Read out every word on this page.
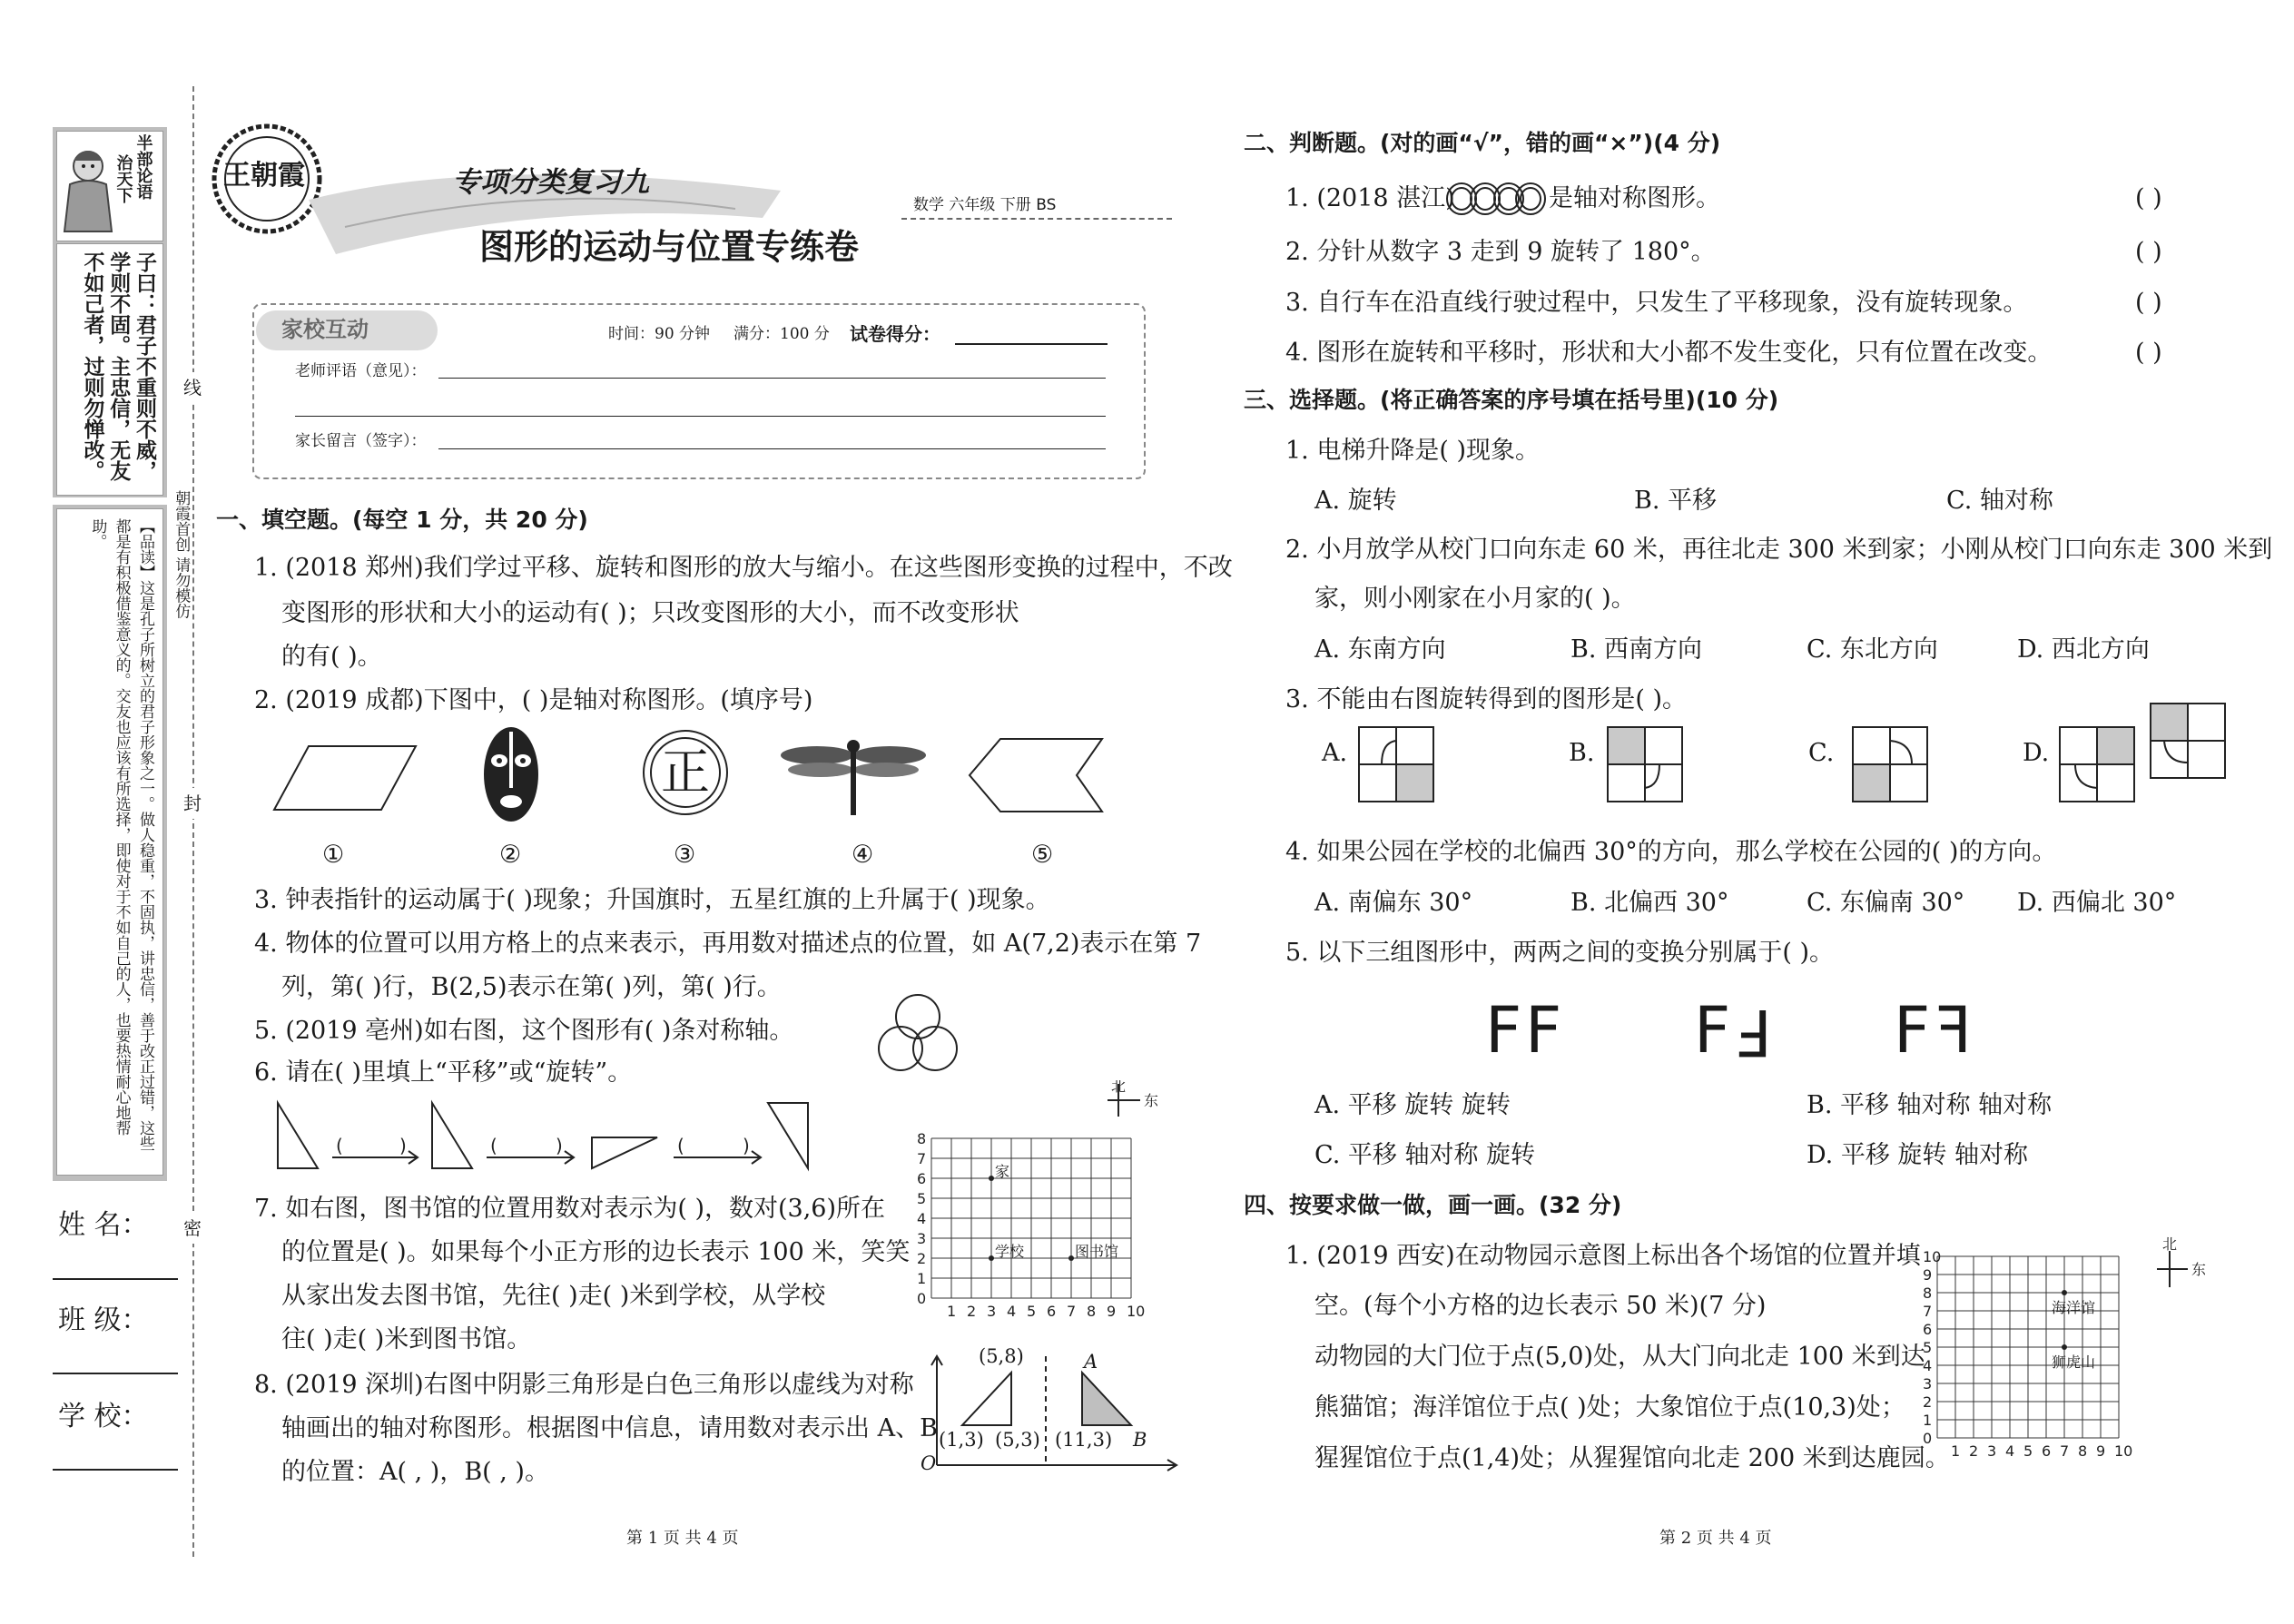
半部论语
治天下
子曰：君子不重则不威，学则不固。主忠信，无友不如己者，过则勿惮改。
【品读】这是孔子所树立的君子形象之一。做人稳重，不固执，讲忠信，善于改正过错，这些都是有积极借鉴意义的。交友也应该有所选择，即使对于不如自己的人，也要热情耐心地帮助。
姓 名：
班 级：
学 校：
线
封
密
朝霞首创 请勿模仿
王朝霞	专项分类复习九
图形的运动与位置专练卷
数学 六年级 下册 BS
家校互动	时间：90 分钟 满分：100 分 试卷得分：
老师评语（意见）：
家长留言（签字）：
一、填空题。(每空 1 分，共 20 分)
1. (2018 郑州)我们学过平移、旋转和图形的放大与缩小。在这些图形变换的过程中，不改
变图形的形状和大小的运动有( )；只改变图形的大小，而不改变形状
的有( )。
2. (2019 成都)下图中，( )是轴对称图形。(填序号)
正
①	②	③	④	⑤
3. 钟表指针的运动属于( )现象；升国旗时，五星红旗的上升属于( )现象。
4. 物体的位置可以用方格上的点来表示，再用数对描述点的位置，如 A(7,2)表示在第 7
列，第( )行，B(2,5)表示在第( )列，第( )行。
5. (2019 亳州)如右图，这个图形有( )条对称轴。
6. 请在( )里填上“平移”或“旋转”。
(	)	(	)	(	)
7. 如右图，图书馆的位置用数对表示为( )，数对(3,6)所在
的位置是( )。如果每个小正方形的边长表示 100 米，笑笑
从家出发去图书馆，先往( )走( )米到学校，从学校
往( )走( )米到图书馆。
1 2 3 4 5 6 7 8 9 10
0
1
2
3
4
5
6
7
8
北
东
家
学校	图书馆
8. (2019 深圳)右图中阴影三角形是白色三角形以虚线为对称
轴画出的轴对称图形。根据图中信息，请用数对表示出 A、B
的位置：A( , )，B( , )。
(5,8)
(1,3) (5,3) (11,3)
A
B
O
第 1 页 共 4 页
二、判断题。(对的画“√”，错的画“×”)(4 分)
1. (2018 湛江)	是轴对称图形。	( )
2. 分针从数字 3 走到 9 旋转了 180°。	( )
3. 自行车在沿直线行驶过程中，只发生了平移现象，没有旋转现象。	( )
4. 图形在旋转和平移时，形状和大小都不发生变化，只有位置在改变。	( )
三、选择题。(将正确答案的序号填在括号里)(10 分)
1. 电梯升降是( )现象。
A. 旋转	B. 平移	C. 轴对称
2. 小月放学从校门口向东走 60 米，再往北走 300 米到家；小刚从校门口向东走 300 米到
家，则小刚家在小月家的( )。
A. 东南方向	B. 西南方向	C. 东北方向	D. 西北方向
3. 不能由右图旋转得到的图形是( )。
A.	B.	C.	D.
4. 如果公园在学校的北偏西 30°的方向，那么学校在公园的( )的方向。
A. 南偏东 30°	B. 北偏西 30°	C. 东偏南 30° D. 西偏北 30°
5. 以下三组图形中，两两之间的变换分别属于( )。
F F F F F F
A. 平移 旋转 旋转	B. 平移 轴对称 轴对称
C. 平移 轴对称 旋转	D. 平移 旋转 轴对称
四、按要求做一做，画一画。(32 分)
1. (2019 西安)在动物园示意图上标出各个场馆的位置并填
空。(每个小方格的边长表示 50 米)(7 分)
动物园的大门位于点(5,0)处，从大门向北走 100 米到达
熊猫馆；海洋馆位于点( )处；大象馆位于点(10,3)处；
猩猩馆位于点(1,4)处；从猩猩馆向北走 200 米到达鹿园。 1 2 3 4 5 6 7 8 9 10
0
1
2
3
4
5
6
7
8
9
10
北
东
海洋馆
狮虎山
第 2 页 共 4 页
